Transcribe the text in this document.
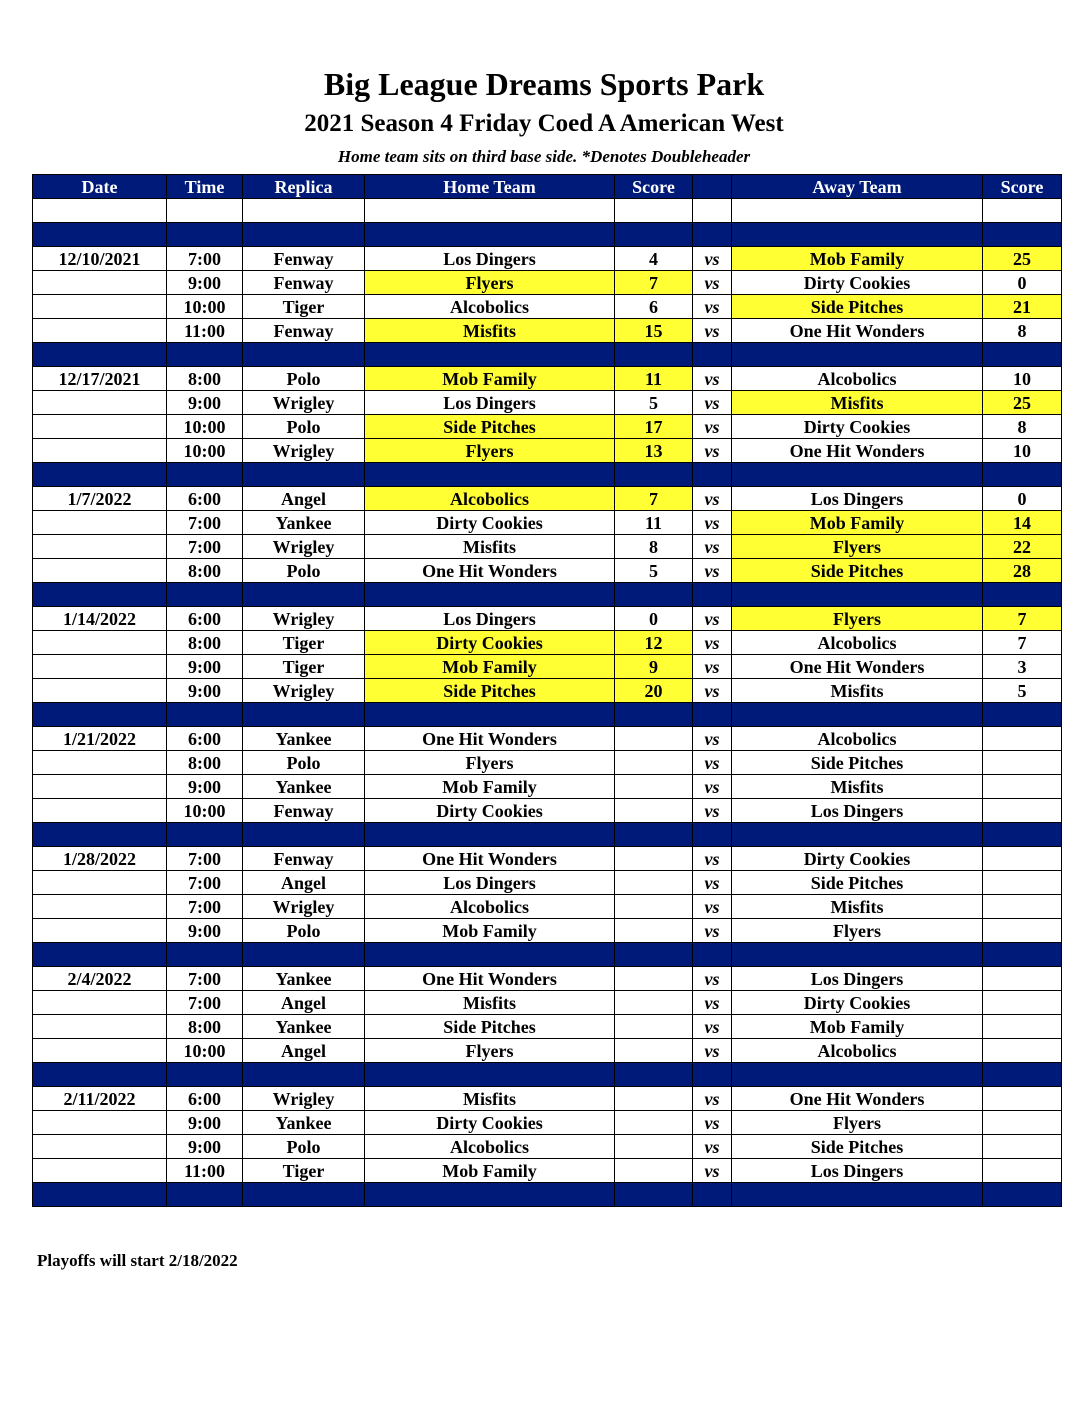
Big League Dreams Sports Park
2021 Season 4 Friday Coed A American West
Home team sits on third base side. *Denotes Doubleheader
Date	Time	Replica	Home Team	Score		Away Team	Score

12/10/2021	7:00	Fenway	Los Dingers	4	vs	Mob Family	25
	9:00	Fenway	Flyers	7	vs	Dirty Cookies	0
	10:00	Tiger	Alcobolics	6	vs	Side Pitches	21
	11:00	Fenway	Misfits	15	vs	One Hit Wonders	8

12/17/2021	8:00	Polo	Mob Family	11	vs	Alcobolics	10
	9:00	Wrigley	Los Dingers	5	vs	Misfits	25
	10:00	Polo	Side Pitches	17	vs	Dirty Cookies	8
	10:00	Wrigley	Flyers	13	vs	One Hit Wonders	10

1/7/2022	6:00	Angel	Alcobolics	7	vs	Los Dingers	0
	7:00	Yankee	Dirty Cookies	11	vs	Mob Family	14
	7:00	Wrigley	Misfits	8	vs	Flyers	22
	8:00	Polo	One Hit Wonders	5	vs	Side Pitches	28

1/14/2022	6:00	Wrigley	Los Dingers	0	vs	Flyers	7
	8:00	Tiger	Dirty Cookies	12	vs	Alcobolics	7
	9:00	Tiger	Mob Family	9	vs	One Hit Wonders	3
	9:00	Wrigley	Side Pitches	20	vs	Misfits	5

1/21/2022	6:00	Yankee	One Hit Wonders		vs	Alcobolics	
	8:00	Polo	Flyers		vs	Side Pitches	
	9:00	Yankee	Mob Family		vs	Misfits	
	10:00	Fenway	Dirty Cookies		vs	Los Dingers	

1/28/2022	7:00	Fenway	One Hit Wonders		vs	Dirty Cookies	
	7:00	Angel	Los Dingers		vs	Side Pitches	
	7:00	Wrigley	Alcobolics		vs	Misfits	
	9:00	Polo	Mob Family		vs	Flyers	

2/4/2022	7:00	Yankee	One Hit Wonders		vs	Los Dingers	
	7:00	Angel	Misfits		vs	Dirty Cookies	
	8:00	Yankee	Side Pitches		vs	Mob Family	
	10:00	Angel	Flyers		vs	Alcobolics	

2/11/2022	6:00	Wrigley	Misfits		vs	One Hit Wonders	
	9:00	Yankee	Dirty Cookies		vs	Flyers	
	9:00	Polo	Alcobolics		vs	Side Pitches	
	11:00	Tiger	Mob Family		vs	Los Dingers	

Playoffs will start 2/18/2022
